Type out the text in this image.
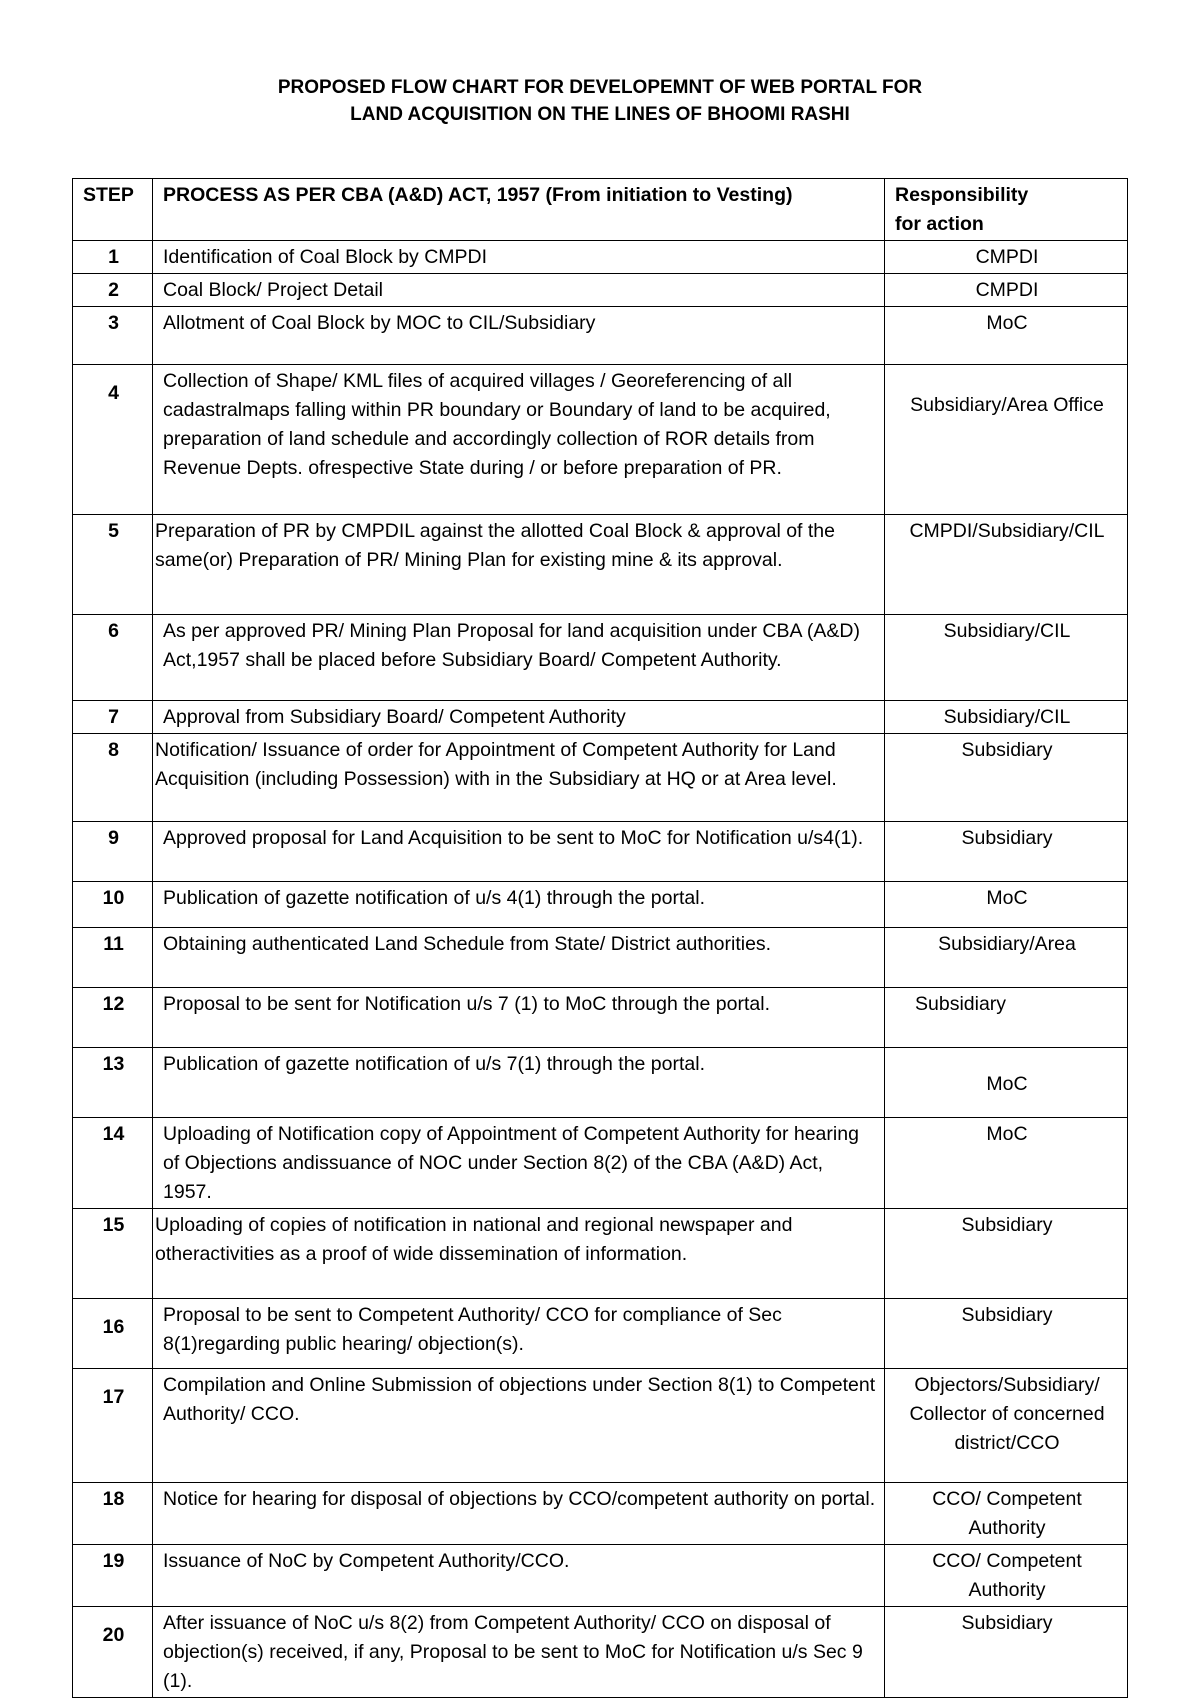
PROPOSED FLOW CHART FOR DEVELOPEMNT OF WEB PORTAL FOR
LAND ACQUISITION ON THE LINES OF BHOOMI RASHI
STEP	PROCESS AS PER CBA (A&D) ACT, 1957 (From initiation to Vesting)	Responsibility
for action

1	Identification of Coal Block by CMPDI	CMPDI
2	Coal Block/ Project Detail	CMPDI
3	Allotment of Coal Block by MOC to CIL/Subsidiary	MoC
4	Collection of Shape/ KML files of acquired villages / Georeferencing of all cadastralmaps falling within PR boundary or Boundary of land to be acquired, preparation of land schedule and accordingly collection of ROR details from Revenue Depts. ofrespective State during / or before preparation of PR.	Subsidiary/Area Office
5	Preparation of PR by CMPDIL against the allotted Coal Block & approval of the same(or) Preparation of PR/ Mining Plan for existing mine & its approval.	CMPDI/Subsidiary/CIL
6	As per approved PR/ Mining Plan Proposal for land acquisition under CBA (A&D) Act,1957 shall be placed before Subsidiary Board/ Competent Authority.	Subsidiary/CIL
7	Approval from Subsidiary Board/ Competent Authority	Subsidiary/CIL
8	Notification/ Issuance of order for Appointment of Competent Authority for Land Acquisition (including Possession) with in the Subsidiary at HQ or at Area level.	Subsidiary
9	Approved proposal for Land Acquisition to be sent to MoC for Notification u/s4(1).	Subsidiary
10	Publication of gazette notification of u/s 4(1) through the portal.	MoC
11	Obtaining authenticated Land Schedule from State/ District authorities.	Subsidiary/Area
12	Proposal to be sent for Notification u/s 7 (1) to MoC through the portal.	Subsidiary
13	Publication of gazette notification of u/s 7(1) through the portal.	MoC
14	Uploading of Notification copy of Appointment of Competent Authority for hearing of Objections andissuance of NOC under Section 8(2) of the CBA (A&D) Act, 1957.	MoC
15	Uploading of copies of notification in national and regional newspaper and otheractivities as a proof of wide dissemination of information.	Subsidiary
16	Proposal to be sent to Competent Authority/ CCO for compliance of Sec 8(1)regarding public hearing/ objection(s).	Subsidiary
17	Compilation and Online Submission of objections under Section 8(1) to Competent Authority/ CCO.	Objectors/Subsidiary/ Collector of concerned district/CCO
18	Notice for hearing for disposal of objections by CCO/competent authority on portal.	CCO/ Competent Authority
19	Issuance of NoC by Competent Authority/CCO.	CCO/ Competent Authority
20	After issuance of NoC u/s 8(2) from Competent Authority/ CCO on disposal of objection(s) received, if any, Proposal to be sent to MoC for Notification u/s Sec 9 (1).	Subsidiary
